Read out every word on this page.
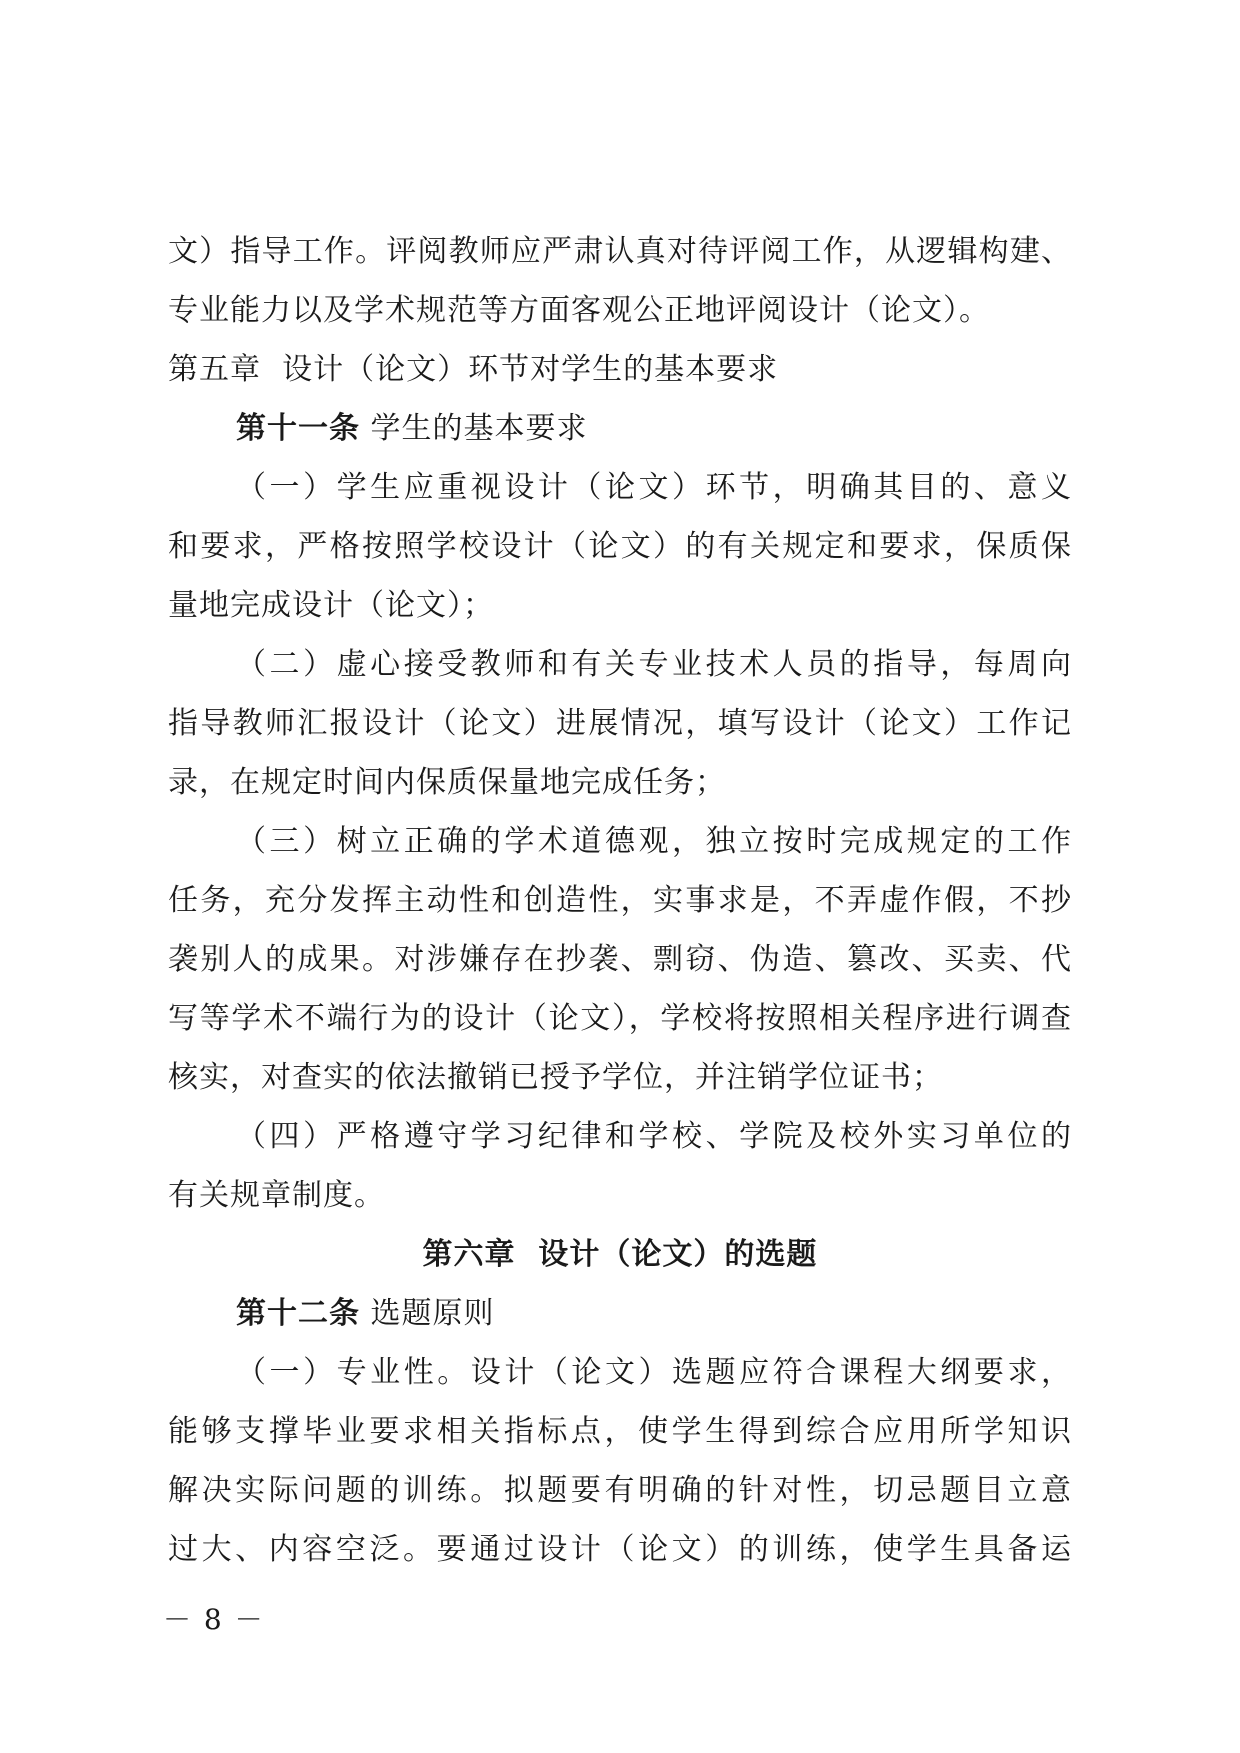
文）指导工作。评阅教师应严肃认真对待评阅工作，从逻辑构建、
专业能力以及学术规范等方面客观公正地评阅设计（论文）。
第五章  设计（论文）环节对学生的基本要求
第十一条 学生的基本要求
（一）学生应重视设计（论文）环节，明确其目的、意义
和要求，严格按照学校设计（论文）的有关规定和要求，保质保
量地完成设计（论文）；
（二）虚心接受教师和有关专业技术人员的指导，每周向
指导教师汇报设计（论文）进展情况，填写设计（论文）工作记
录，在规定时间内保质保量地完成任务；
（三）树立正确的学术道德观，独立按时完成规定的工作
任务，充分发挥主动性和创造性，实事求是，不弄虚作假，不抄
袭别人的成果。对涉嫌存在抄袭、剽窃、伪造、篡改、买卖、代
写等学术不端行为的设计（论文），学校将按照相关程序进行调查
核实，对查实的依法撤销已授予学位，并注销学位证书；
（四）严格遵守学习纪律和学校、学院及校外实习单位的
有关规章制度。
第六章  设计（论文）的选题
第十二条 选题原则
（一）专业性。设计（论文）选题应符合课程大纲要求，
能够支撑毕业要求相关指标点，使学生得到综合应用所学知识
解决实际问题的训练。拟题要有明确的针对性，切忌题目立意
过大、内容空泛。要通过设计（论文）的训练，使学生具备运
－ 8 －
